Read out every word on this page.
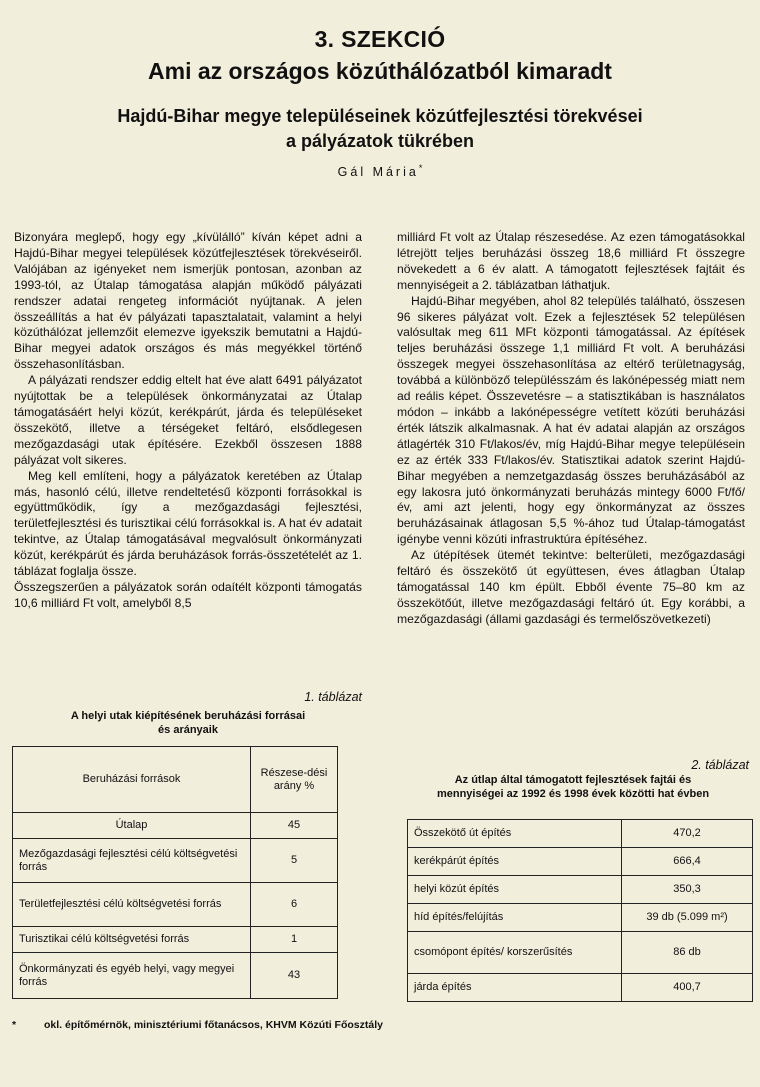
3. SZEKCIÓ
Ami az országos közúthálózatból kimaradt
Hajdú-Bihar megye településeinek közútfejlesztési törekvései
a pályázatok tükrében
Gál Mária*

Bizonyára meglepő, hogy egy „kívülálló” kíván képet adni a Hajdú-Bihar megyei települések közútfejlesztések törekvéseiről. Valójában az igényeket nem ismerjük pontosan, azonban az 1993-tól, az Útalap támogatása alapján működő pályázati rendszer adatai rengeteg információt nyújtanak. A jelen összeállítás a hat év pályázati tapasztalatait, valamint a helyi közúthálózat jellemzőit elemezve igyekszik bemutatni a Hajdú-Bihar megyei adatok országos és más megyékkel történő összehasonlításban.

A pályázati rendszer eddig eltelt hat éve alatt 6491 pályázatot nyújtottak be a települések önkormányzatai az Útalap támogatásáért helyi közút, kerékpárút, járda és településeket összekötő, illetve a térségeket feltáró, elsődlegesen mezőgazdasági utak építésére. Ezekből összesen 1888 pályázat volt sikeres.

Meg kell említeni, hogy a pályázatok keretében az Útalap más, hasonló célú, illetve rendeltetésű központi forrásokkal is együttműködik, így a mezőgazdasági fejlesztési, területfejlesztési és turisztikai célú forrásokkal is. A hat év adatait tekintve, az Útalap támogatásával megvalósult önkormányzati közút, kerékpárút és járda beruházások forrás-összetételét az 1. táblázat foglalja össze.

Összegszerűen a pályázatok során odaítélt központi támogatás 10,6 milliárd Ft volt, amelyből 8,5

1. táblázat
A helyi utak kiépítésének beruházási forrásai
és arányaik
Beruházási források	Részese-dési arány %
Útalap	45
Mezőgazdasági fejlesztési célú költségvetési forrás	5
Területfejlesztési célú költségvetési forrás	6
Turisztikai célú költségvetési forrás	1
Önkormányzati és egyéb helyi, vagy megyei forrás	43

milliárd Ft volt az Útalap részesedése. Az ezen támogatásokkal létrejött teljes beruházási összeg 18,6 milliárd Ft összegre növekedett a 6 év alatt. A támogatott fejlesztések fajtáit és mennyiségeit a 2. táblázatban láthatjuk.

Hajdú-Bihar megyében, ahol 82 település található, összesen 96 sikeres pályázat volt. Ezek a fejlesztések 52 településen valósultak meg 611 MFt központi támogatással. Az építések teljes beruházási összege 1,1 milliárd Ft volt. A beruházási összegek megyei összehasonlítása az eltérő területnagyság, továbbá a különböző településszám és lakónépesség miatt nem ad reális képet. Összevetésre – a statisztikában is használatos módon – inkább a lakónépességre vetített közúti beruházási érték látszik alkalmasnak. A hat év adatai alapján az országos átlagérték 310 Ft/lakos/év, míg Hajdú-Bihar megye településein ez az érték 333 Ft/lakos/év. Statisztikai adatok szerint Hajdú-Bihar megyében a nemzetgazdaság összes beruházásából az egy lakosra jutó önkormányzati beruházás mintegy 6000 Ft/fő/év, ami azt jelenti, hogy egy önkormányzat az összes beruházásainak átlagosan 5,5 %-ához tud Útalap-támogatást igénybe venni közúti infrastruktúra építéséhez.

Az útépítések ütemét tekintve: belterületi, mezőgazdasági feltáró és összekötő út együttesen, éves átlagban Útalap támogatással 140 km épült. Ebből évente 75–80 km az összekötőút, illetve mezőgazdasági feltáró út. Egy korábbi, a mezőgazdasági (állami gazdasági és termelőszövetkezeti)

2. táblázat
Az útlap által támogatott fejlesztések fajtái és
mennyiségei az 1992 és 1998 évek közötti hat évben
Összekötő út építés	470,2
kerékpárút építés	666,4
helyi közút építés	350,3
híd építés/felújítás	39 db (5.099 m²)
csomópont építés/ korszerűsítés	86 db
járda építés	400,7
*	okl. építőmérnök, minisztériumi főtanácsos, KHVM Közúti Főosztály
